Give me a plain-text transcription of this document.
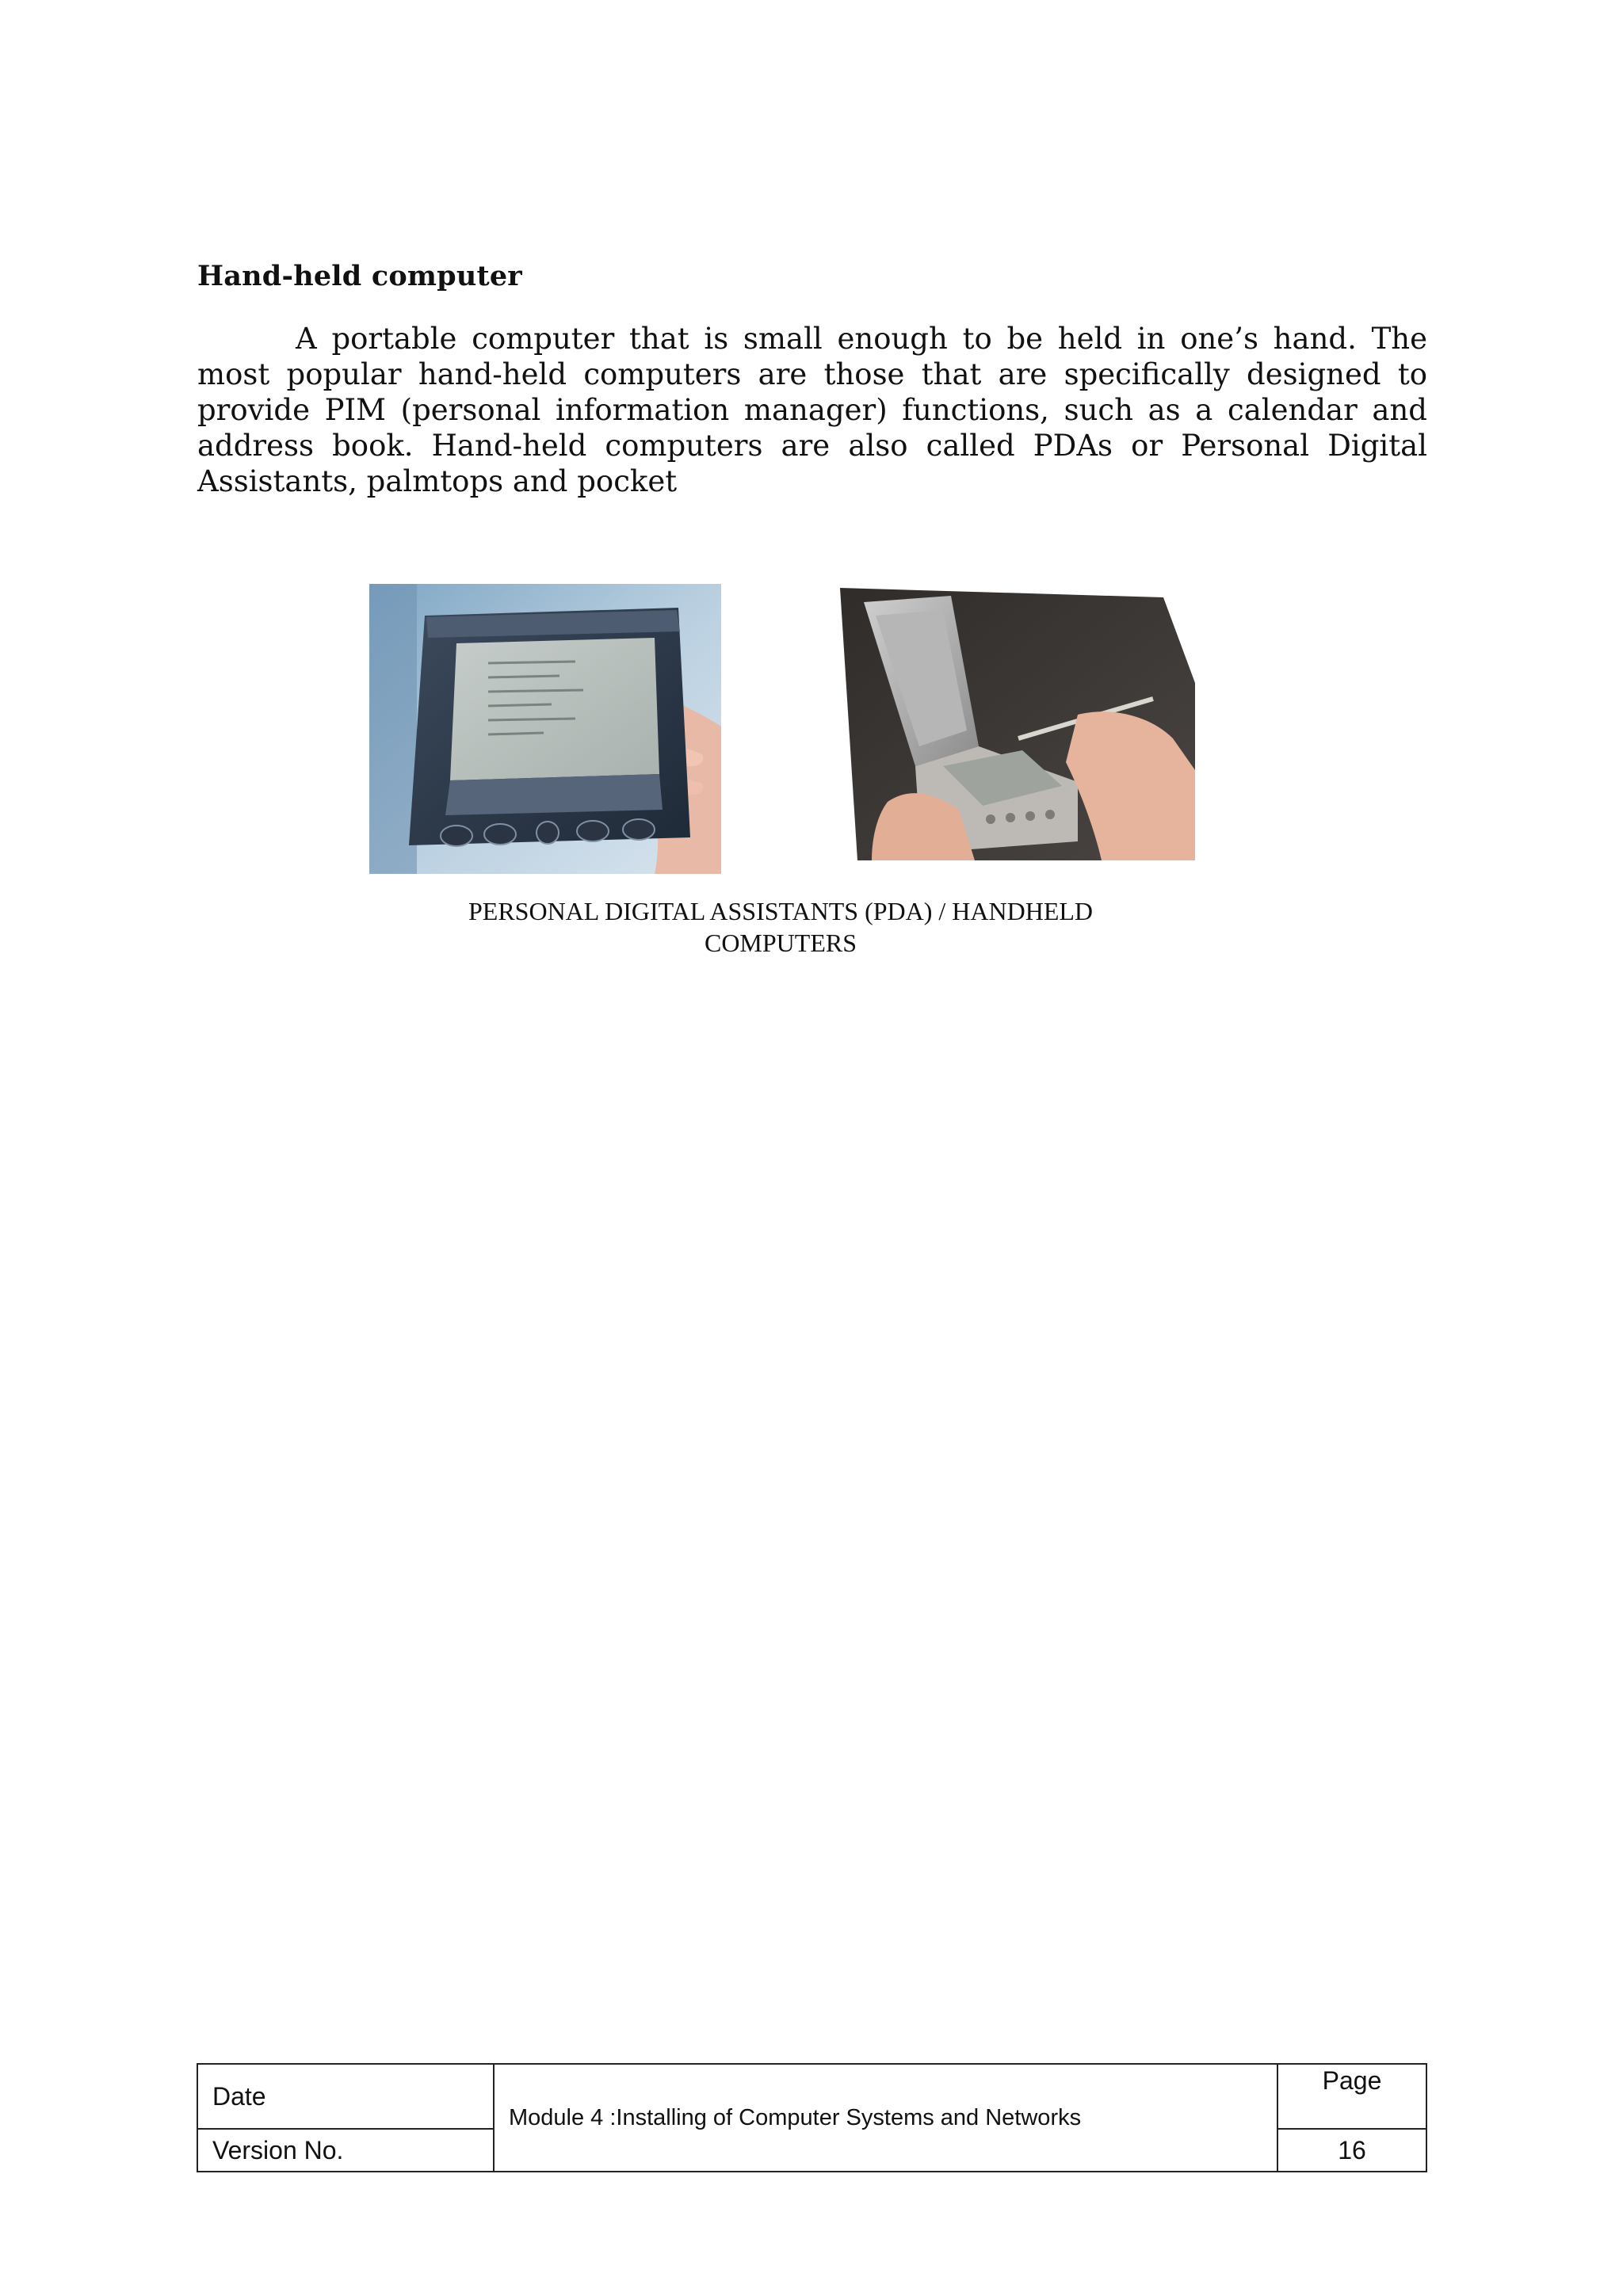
Hand-held computer

A portable computer that is small enough to be held in one’s hand. The most popular hand-held computers are those that are specifically designed to provide PIM (personal information manager) functions, such as a calendar and address book. Hand-held computers are also called PDAs or Personal Digital Assistants, palmtops and pocket

PERSONAL DIGITAL ASSISTANTS (PDA) / HANDHELD
COMPUTERS
Date	Module 4 :Installing of Computer Systems and Networks	Page
Version No.		16
